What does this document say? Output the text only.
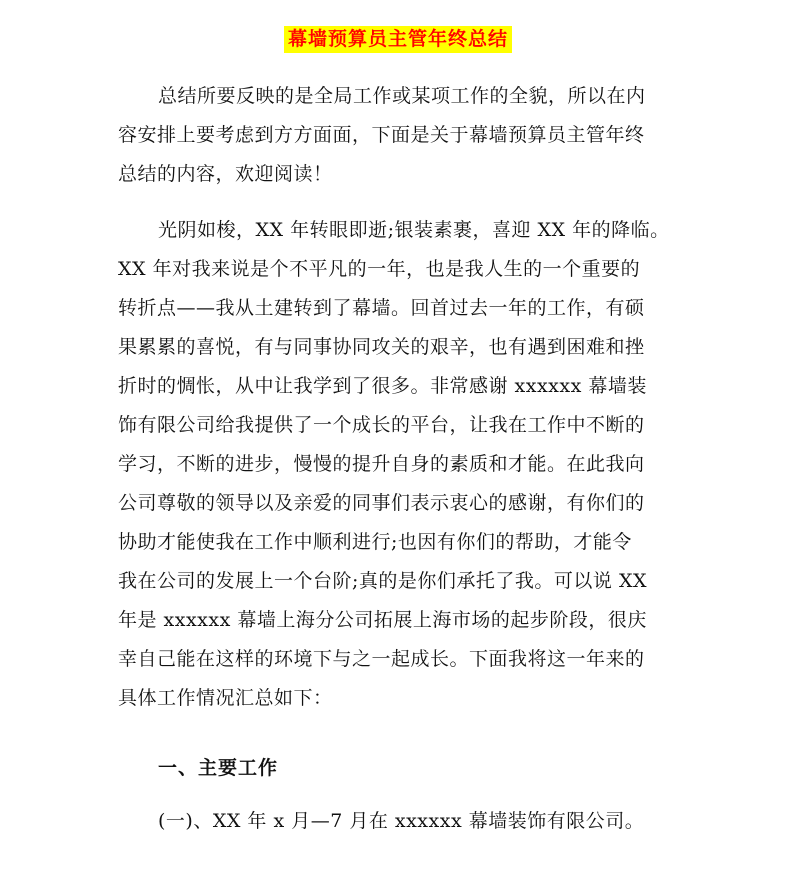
幕墙预算员主管年终总结
总结所要反映的是全局工作或某项工作的全貌，所以在内
容安排上要考虑到方方面面，下面是关于幕墙预算员主管年终
总结的内容，欢迎阅读！
光阴如梭，XX 年转眼即逝;银装素裹，喜迎 XX 年的降临。
XX 年对我来说是个不平凡的一年，也是我人生的一个重要的
转折点——我从土建转到了幕墙。回首过去一年的工作，有硕
果累累的喜悦，有与同事协同攻关的艰辛，也有遇到困难和挫
折时的惆怅，从中让我学到了很多。非常感谢 xxxxxx 幕墙装
饰有限公司给我提供了一个成长的平台，让我在工作中不断的
学习，不断的进步，慢慢的提升自身的素质和才能。在此我向
公司尊敬的领导以及亲爱的同事们表示衷心的感谢，有你们的
协助才能使我在工作中顺利进行;也因有你们的帮助，才能令
我在公司的发展上一个台阶;真的是你们承托了我。可以说 XX
年是 xxxxxx 幕墙上海分公司拓展上海市场的起步阶段，很庆
幸自己能在这样的环境下与之一起成长。下面我将这一年来的
具体工作情况汇总如下：
一、主要工作
(一)、XX 年 x 月—7 月在 xxxxxx 幕墙装饰有限公司。
